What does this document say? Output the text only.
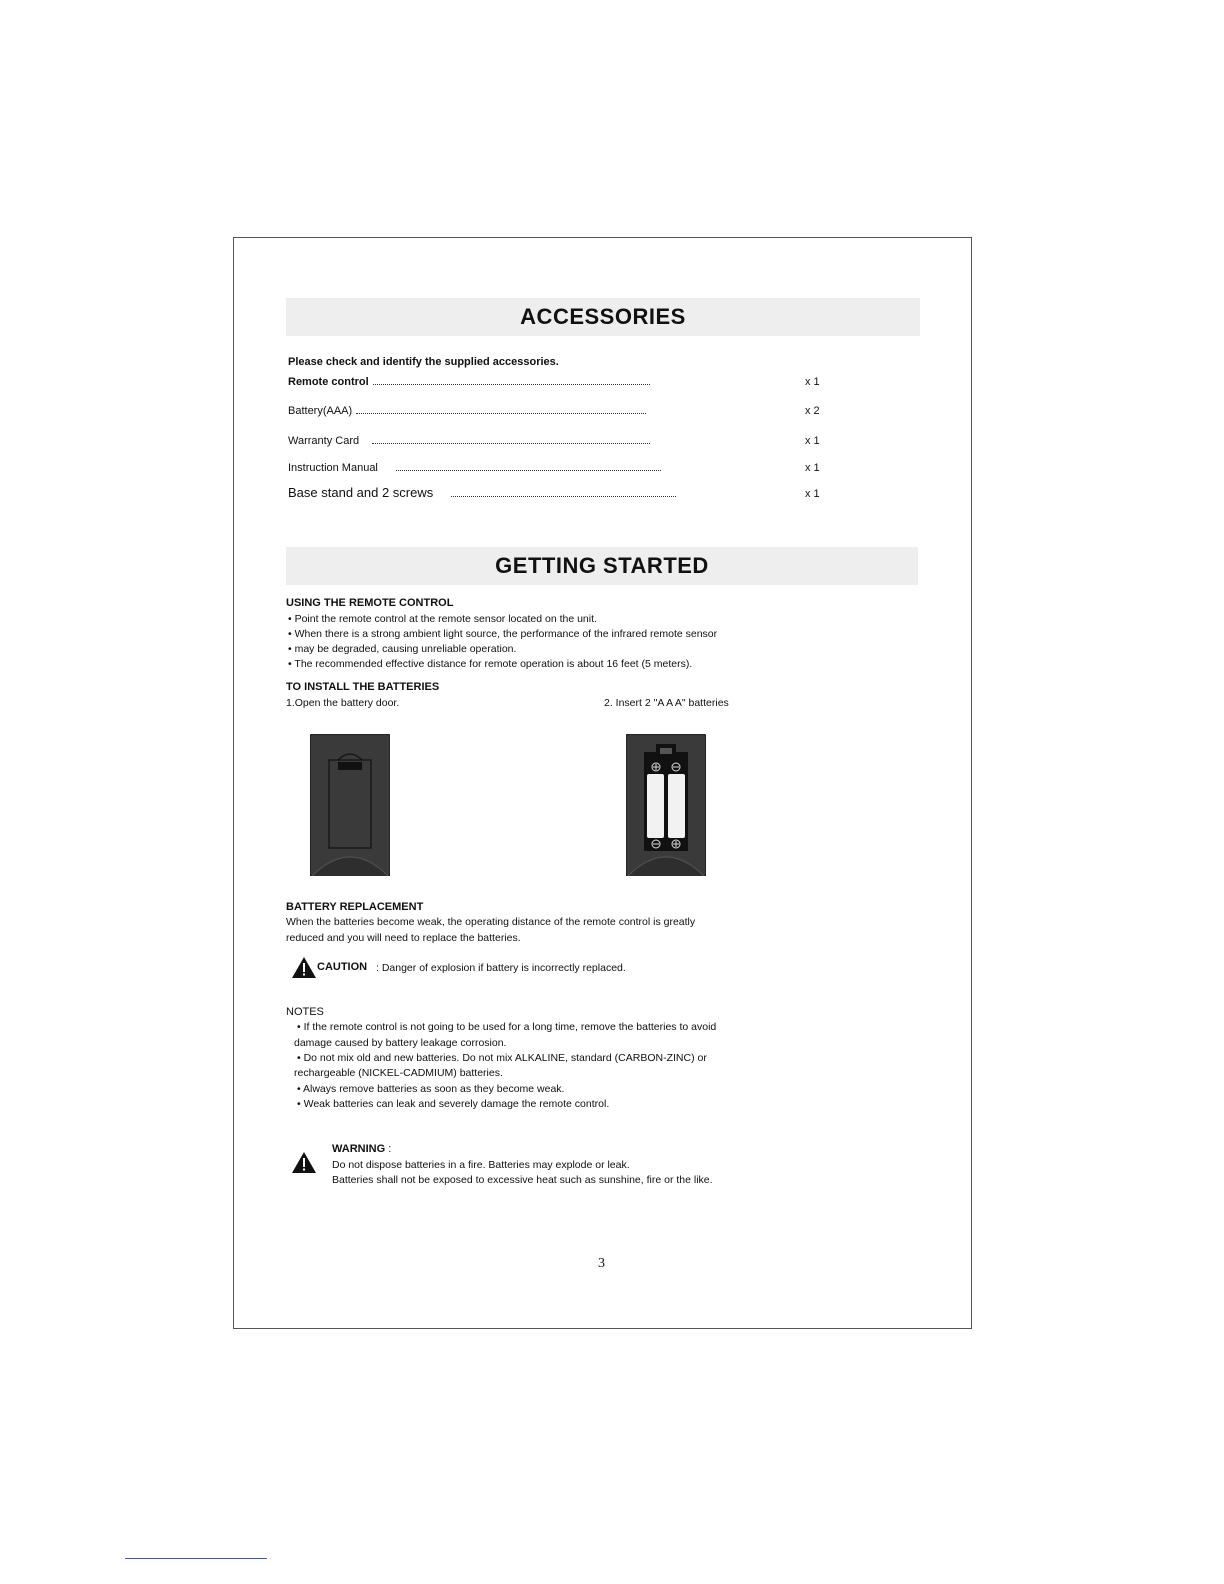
ACCESSORIES
Please check and identify the supplied accessories.
Remote control	x 1
Battery(AAA)	x 2
Warranty Card	x 1
Instruction Manual	x 1
Base stand and 2 screws	x 1
GETTING STARTED
USING THE REMOTE CONTROL
• Point the remote control at the remote sensor located on the unit.
• When there is a strong ambient light source, the performance of the infrared remote sensor
• may be degraded, causing unreliable operation.
• The recommended effective distance for remote operation is about 16 feet (5 meters).
TO INSTALL THE BATTERIES
1.Open the battery door.	2. Insert 2 "A A A" batteries
BATTERY REPLACEMENT
When the batteries become weak, the operating distance of the remote control is greatly
reduced and you will need to replace the batteries.
CAUTION : Danger of explosion if battery is incorrectly replaced.
NOTES
• If the remote control is not going to be used for a long time, remove the batteries to avoid
damage caused by battery leakage corrosion.
• Do not mix old and new batteries. Do not mix ALKALINE, standard (CARBON-ZINC) or
rechargeable (NICKEL-CADMIUM) batteries.
• Always remove batteries as soon as they become weak.
• Weak batteries can leak and severely damage the remote control.
WARNING :
Do not dispose batteries in a fire. Batteries may explode or leak.
Batteries shall not be exposed to excessive heat such as sunshine, fire or the like.
3
